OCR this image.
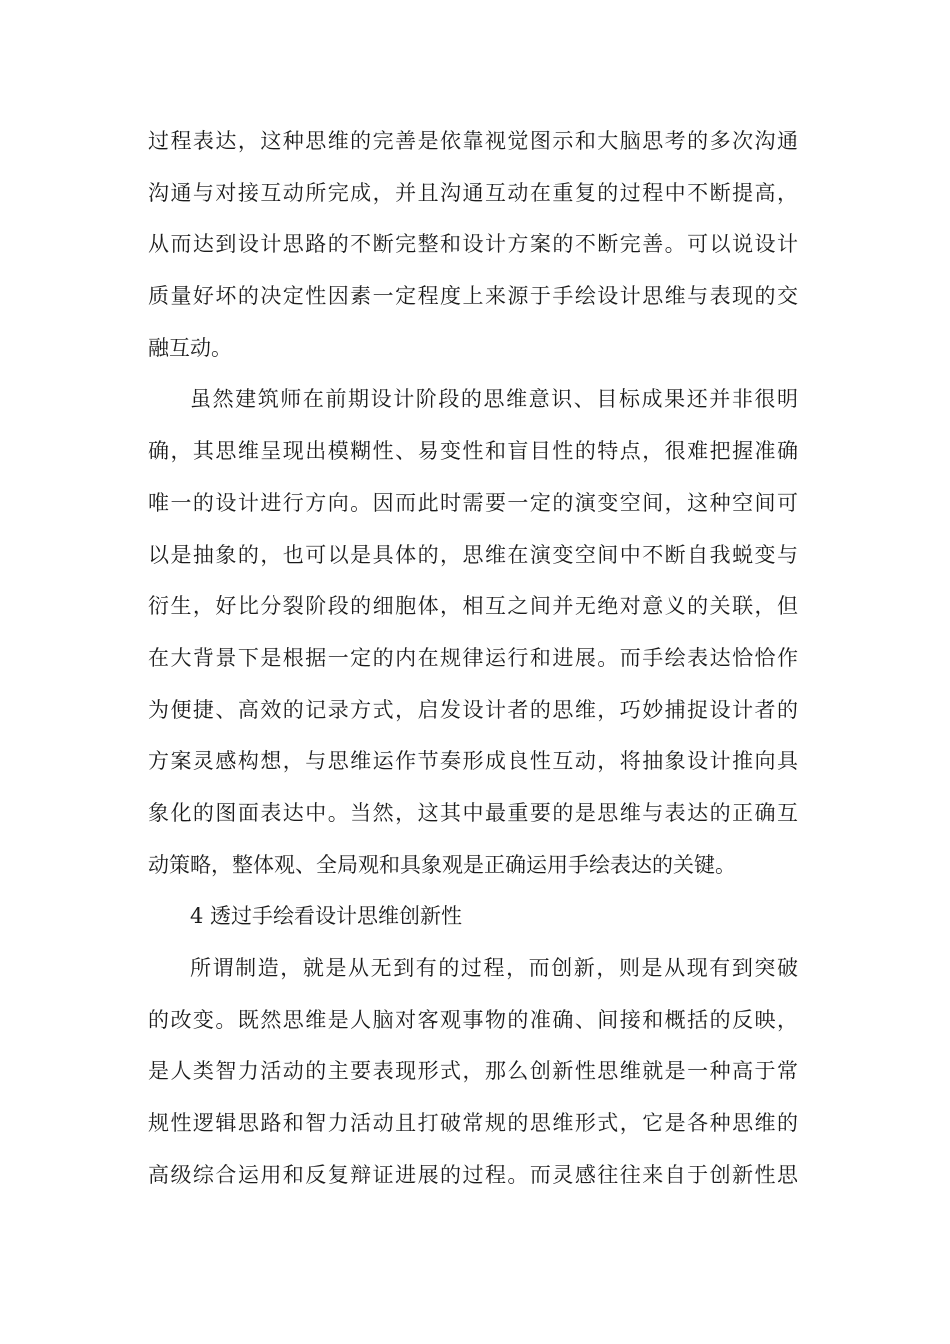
过程表达，这种思维的完善是依靠视觉图示和大脑思考的多次沟通
沟通与对接互动所完成，并且沟通互动在重复的过程中不断提高，
从而达到设计思路的不断完整和设计方案的不断完善。可以说设计
质量好坏的决定性因素一定程度上来源于手绘设计思维与表现的交
融互动。
虽然建筑师在前期设计阶段的思维意识、目标成果还并非很明
确，其思维呈现出模糊性、易变性和盲目性的特点，很难把握准确
唯一的设计进行方向。因而此时需要一定的演变空间，这种空间可
以是抽象的，也可以是具体的，思维在演变空间中不断自我蜕变与
衍生，好比分裂阶段的细胞体，相互之间并无绝对意义的关联，但
在大背景下是根据一定的内在规律运行和进展。而手绘表达恰恰作
为便捷、高效的记录方式，启发设计者的思维，巧妙捕捉设计者的
方案灵感构想，与思维运作节奏形成良性互动，将抽象设计推向具
象化的图面表达中。当然，这其中最重要的是思维与表达的正确互
动策略，整体观、全局观和具象观是正确运用手绘表达的关键。
4 透过手绘看设计思维创新性
所谓制造，就是从无到有的过程，而创新，则是从现有到突破
的改变。既然思维是人脑对客观事物的准确、间接和概括的反映，
是人类智力活动的主要表现形式，那么创新性思维就是一种高于常
规性逻辑思路和智力活动且打破常规的思维形式，它是各种思维的
高级综合运用和反复辩证进展的过程。而灵感往往来自于创新性思
